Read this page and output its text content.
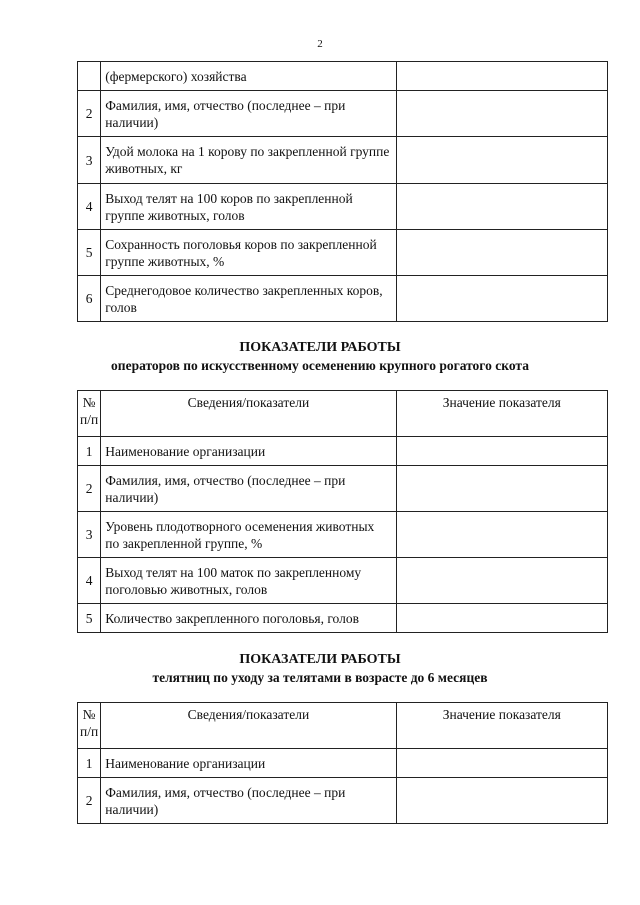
2
	(фермерского) хозяйства	
2	Фамилия, имя, отчество (последнее – при наличии)	
3	Удой молока на 1 корову по закрепленной группе животных, кг	
4	Выход телят на 100 коров по закрепленной группе животных, голов	
5	Сохранность поголовья коров по закрепленной группе животных, %	
6	Среднегодовое количество закрепленных коров, голов	
ПОКАЗАТЕЛИ РАБОТЫ
операторов по искусственному осеменению крупного рогатого скота
№ п/п	Сведения/показатели	Значение показателя
1	Наименование организации	
2	Фамилия, имя, отчество (последнее – при наличии)	
3	Уровень плодотворного осеменения животных по закрепленной группе, %	
4	Выход телят на 100 маток по закрепленному поголовью животных, голов	
5	Количество закрепленного поголовья, голов	
ПОКАЗАТЕЛИ РАБОТЫ
телятниц по уходу за телятами в возрасте до 6 месяцев
№ п/п	Сведения/показатели	Значение показателя
1	Наименование организации	
2	Фамилия, имя, отчество (последнее – при наличии)	
